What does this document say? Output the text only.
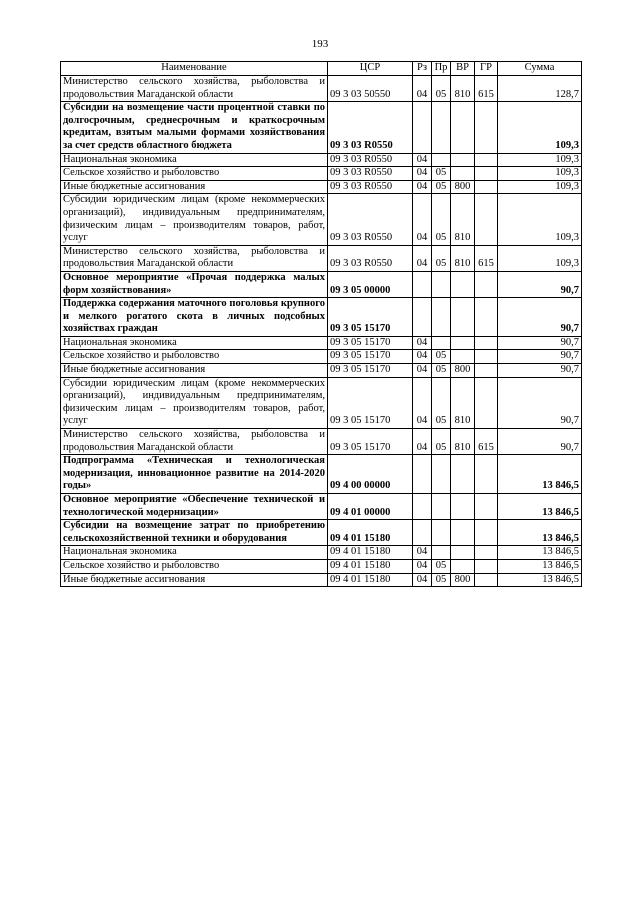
193
Наименование	ЦСР	Рз	Пр	ВР	ГР	Сумма
Министерство сельского хозяйства, рыболовства и продовольствия Магаданской области	09 3 03 50550	04	05	810	615	128,7
Субсидии на возмещение части процентной ставки по долгосрочным, среднесрочным и краткосрочным кредитам, взятым малыми формами хозяйствования за счет средств областного бюджета	09 3 03 R0550					109,3
Национальная экономика	09 3 03 R0550	04				109,3
Сельское хозяйство и рыболовство	09 3 03 R0550	04	05			109,3
Иные бюджетные ассигнования	09 3 03 R0550	04	05	800		109,3
Субсидии юридическим лицам (кроме некоммерческих организаций), индивидуальным предпринимателям, физическим лицам – производителям товаров, работ, услуг	09 3 03 R0550	04	05	810		109,3
Министерство сельского хозяйства, рыболовства и продовольствия Магаданской области	09 3 03 R0550	04	05	810	615	109,3
Основное мероприятие «Прочая поддержка малых форм хозяйствования»	09 3 05 00000					90,7
Поддержка содержания маточного поголовья крупного и мелкого рогатого скота в личных подсобных хозяйствах граждан	09 3 05 15170					90,7
Национальная экономика	09 3 05 15170	04				90,7
Сельское хозяйство и рыболовство	09 3 05 15170	04	05			90,7
Иные бюджетные ассигнования	09 3 05 15170	04	05	800		90,7
Субсидии юридическим лицам (кроме некоммерческих организаций), индивидуальным предпринимателям, физическим лицам – производителям товаров, работ, услуг	09 3 05 15170	04	05	810		90,7
Министерство сельского хозяйства, рыболовства и продовольствия Магаданской области	09 3 05 15170	04	05	810	615	90,7
Подпрограмма «Техническая и технологическая модернизация, инновационное развитие на 2014-2020 годы»	09 4 00 00000					13 846,5
Основное мероприятие «Обеспечение технической и технологической модернизации»	09 4 01 00000					13 846,5
Субсидии на возмещение затрат по приобретению сельскохозяйственной техники и оборудования	09 4 01 15180					13 846,5
Национальная экономика	09 4 01 15180	04				13 846,5
Сельское хозяйство и рыболовство	09 4 01 15180	04	05			13 846,5
Иные бюджетные ассигнования	09 4 01 15180	04	05	800		13 846,5
